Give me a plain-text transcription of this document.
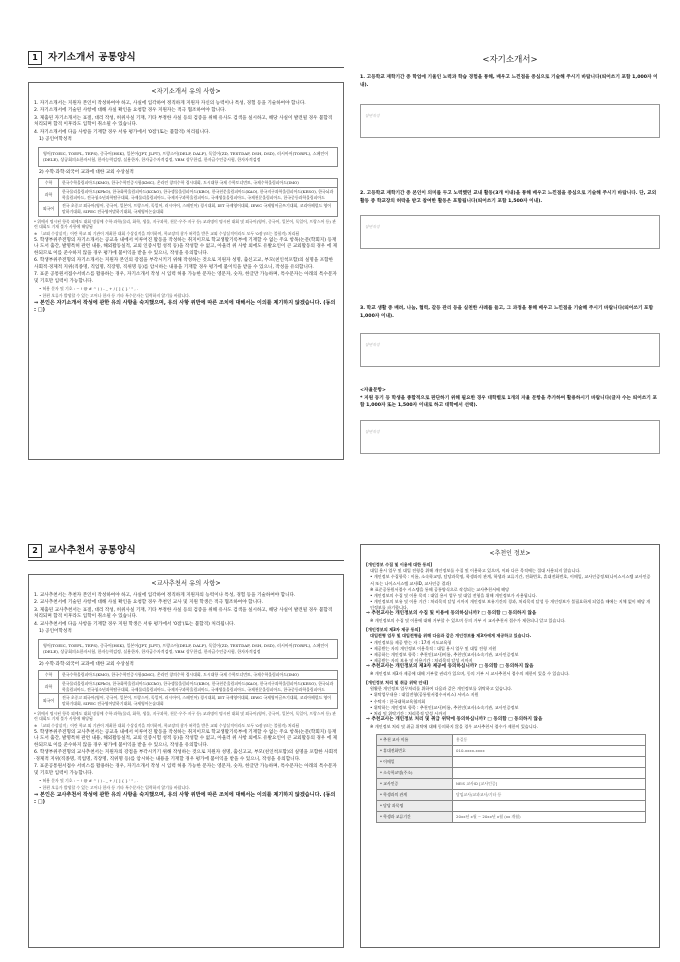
1	자기소개서 공통양식
<자기소개서 유의 사항>

1. 자기소개서는 지원자 본인이 작성하여야 하고, 사실에 입각하여 정직하게 지원자 자신의 능력이나 특성, 경험 등을 기술하여야 합니다.

2. 자기소개서에 기술된 사항에 대해 사실 확인을 요청할 경우 지원자는 적극 협조하여야 합니다.

3. 제출된 자기소개서는 표절, 대리 작성, 허위사실 기재, 기타 부정한 사실 등의 검증을 위해 유사도 검색을 실시하고, 해당 사실이 발견될 경우 불합격 처리되며 합격 이후라도 입학이 취소될 수 있습니다.

4. 자기소개서에 다음 사항을 기재할 경우 서류 평가에서 '0점'(또는 불합격) 처리됩니다.

1) 공인어학성적

영어(TOEIC, TOEFL, TEPS), 중국어(HSK), 일본어(JPT, JLPT), 프랑스어(DELF, DALF), 독일어(ZD, TESTDAF, DSH, DSD), 러시아어(TORFL), 스페인어(DELE), 상공회의소한자시험, 한자능력검정, 실용한자, 한자급수자격검정, YBM 상무한검, 한자급수인증시험, 한자자격검정

2) 수학·과학·외국어 교과에 대한 교외 수상실적

수학	한국수학올림피아드(KMO), 한국수학인증시험(KMC), 온라인 창의수학 경시대회, 도시대항 국제 수학토너먼트, 국제수학올림피아드(IMO)
과학	한국물리올림피아드(KPhO), 한국화학올림피아드(KChO), 한국생물올림피아드(KBO), 한국천문올림피아드(KAO), 한국지구과학올림피아드(KESO), 한국뇌과학올림피아드, 전국청소년과학탐구대회, 국제물리올림피아드, 국제지구과학올림피아드, 국제생물올림피아드, 국제천문올림피아드, 한국중등과학올림피아드
외국어	전국 초중고 외국어(영어, 중국어, 일본어, 프랑스어, 독일어, 러시아어, 스페인어) 경시대회, IET 국제영어대회, IEWC 국제영어글쓰기대회, 코리아헤럴드 영어말하기대회, SIFEC 전국영어말하기대회, 국제영어논술대회

* 위에서 명시된 항목 외에도 대회 명칭에 수학·과학(물리, 화학, 생물, 지구과학, 천문·우주·지구 등) 교과명이 명시된 대회 및 외국어(영어, 중국어, 일본어, 독일어, 프랑스어 등) 관련 대회도 기재 불가 사항에 해당됨

※ 「교외 수상실적」이란 학교 외 기관이 개최한 대회 수상실적을 의미하며, 학교장의 참가 허락을 받은 교외 수상실적이라도 모두 '0점'(또는 불합격) 처리됨

5. 학생부위주전형의 자기소개서는 공교육 내에서 이루어진 활동을 작성하는 취지이므로 학교생활기록부에 기재할 수 없는 주요 항목(논문(학회지) 등재나 도서 출간, 발명특허 관련 내용, 해외활동실적, 교외 인증시험 성적 등)을 작성할 수 없고, 아울러 위 사항 외에도 유발요인이 큰 교외활동의 경우 에 제한되므로 이를 준수하지 않을 경우 평가에 불이익을 받을 수 있으니, 작성을 유의합니다.

6. 학생부위주전형의 자기소개서는 지원자 본인의 강점을 부각시키기 위해 작성하는 것으로 지원자 성명, 출신고교, 부모(친인척포함)의 실명을 포함한 사회적·경제적 지위(직종명, 직업명, 직장명, 직위명 등)를 암시하는 내용을 기재할 경우 평가에 불이익을 받을 수 있으니, 작성을 유의합니다.

7. 표준 공통원서접수서비스를 활용하는 경우, 자기소개서 작성 시 입력 허용 가능한 문자는 영문자, 숫자, 한글만 가능하며, 특수문자는 아래의 특수문자 및 기호만 입력이 가능합니다.

• 허용 문자 및 기호 : ~ ! @ # ^ ( ) - _ + / [ ] { } ' " , .

• 한편 오류가 발생할 수 있는 고어나 한자 등 기타 특수문자는 입력하지 않기를 바랍니다.

⇒ 본인은 자기소개서 작성에 관한 유의 사항을 숙지했으며, 유의 사항 위반에 따른 조치에 대해서는 이의를 제기하지 않겠습니다. (동의 : □)

<자기소개서>
1. 고등학교 재학기간 중 학업에 기울인 노력과 학습 경험을 통해, 배우고 느낀점을 중심으로 기술해 주시기 바랍니다(띄어쓰기 포함 1,000자 이내).
답변작성
2. 고등학교 재학기간 중 본인이 의미를 두고 노력했던 교내 활동(3개 이내)을 통해 배우고 느낀점을 중심으로 기술해 주시기 바랍니다. 단, 교외 활동 중 학교장의 허락을 받고 참여한 활동은 포함됩니다(띄어쓰기 포함 1,500자 이내).
답변작성
3. 학교 생활 중 배려, 나눔, 협력, 갈등 관리 등을 실천한 사례를 들고, 그 과정을 통해 배우고 느낀점을 기술해 주시기 바랍니다(띄어쓰기 포함 1,000자 이내).
답변작성
<자율문항>
* 지원 동기 등 학생을 종합적으로 판단하기 위해 필요한 경우 대학별로 1개의 자율 문항을 추가하여 활용하시기 바랍니다(글자 수는 띄어쓰기 포함 1,000자 또는 1,500자 이내로 하고 대학에서 선택).
답변작성
2	교사추천서 공통양식
<교사추천서 유의 사항>

1. 교사추천서는 추천자 본인이 작성하여야 하고, 사실에 입각하여 정직하게 지원자의 능력이나 특성, 경험 등을 기술하여야 합니다.

2. 교사추천서에 기술된 사항에 대해 사실 확인을 요청할 경우 추천인 교사 및 지원 학생은 적극 협조하여야 합니다.

3. 제출된 교사추천서는 표절, 대리 작성, 허위사실 기재, 기타 부정한 사실 등의 검증을 위해 유사도 검색을 실시하고, 해당 사실이 발견될 경우 불합격 처리되며 합격 이후라도 입학이 취소될 수 있습니다.

4. 교사추천서에 다음 사항을 기재할 경우 지원 학생은 서류 평가에서 '0점'(또는 불합격) 처리됩니다.

1) 공인어학성적

영어(TOEIC, TOEFL, TEPS), 중국어(HSK), 일본어(JPT, JLPT), 프랑스어(DELF, DALF), 독일어(ZD, TESTDAF, DSH, DSD), 러시아어(TORFL), 스페인어(DELE), 상공회의소한자시험, 한자능력검정, 실용한자, 한자급수자격검정, YBM 상무한검, 한자급수인증시험, 한자자격검정

2) 수학·과학·외국어 교과에 대한 교외 수상실적

수학	한국수학올림피아드(KMO), 한국수학인증시험(KMC), 온라인 창의수학 경시대회, 도시대항 국제 수학토너먼트, 국제수학올림피아드(IMO)
과학	한국물리올림피아드(KPhO), 한국화학올림피아드(KChO), 한국생물올림피아드(KBO), 한국천문올림피아드(KAO), 한국지구과학올림피아드(KESO), 한국뇌과학올림피아드, 전국청소년과학탐구대회, 국제물리올림피아드, 국제지구과학올림피아드, 국제생물올림피아드, 국제천문올림피아드, 한국중등과학올림피아드
외국어	전국 초중고 외국어(영어, 중국어, 일본어, 프랑스어, 독일어, 러시아어, 스페인어) 경시대회, IET 국제영어대회, IEWC 국제영어글쓰기대회, 코리아헤럴드 영어말하기대회, SIFEC 전국영어말하기대회, 국제영어논술대회

* 위에서 명시된 항목 외에도 대회 명칭에 수학·과학(물리, 화학, 생물, 지구과학, 천문·우주·지구 등) 교과명이 명시된 대회 및 외국어(영어, 중국어, 일본어, 독일어, 프랑스어 등) 관련 대회도 기재 불가 사항에 해당됨

※ 「교외 수상실적」이란 학교 외 기관이 개최한 대회 수상실적을 의미하며, 학교장의 참가 허락을 받은 교외 수상실적이라도 모두 '0점'(또는 불합격) 처리됨

5. 학생부위주전형의 교사추천서는 공교육 내에서 이루어진 활동을 작성하는 취지이므로 학교생활기록부에 기재할 수 없는 주요 항목(논문(학회지) 등재나 도서 출간, 발명특허 관련 내용, 해외활동실적, 교외 인증시험 성적 등)을 작성할 수 없고, 아울러 위 사항 외에도 유발요인이 큰 교외활동의 경우 에 제한되므로 이를 준수하지 않을 경우 평가에 불이익을 받을 수 있으니, 작성을 유의합니다.

6. 학생부위주전형의 교사추천서는 지원자의 강점을 부각시키기 위해 작성하는 것으로 지원자 성명, 출신고교, 부모(친인척포함)의 실명을 포함한 사회적·경제적 지위(직종명, 직업명, 직장명, 직위명 등)를 암시하는 내용을 기재할 경우 평가에 불이익을 받을 수 있으니, 작성을 유의합니다.

7. 표준공통원서접수 서비스를 활용하는 경우, 자기소개서 작성 시 입력 허용 가능한 문자는 영문자, 숫자, 한글만 가능하며, 특수문자는 아래의 특수문자 및 기호만 입력이 가능합니다.

• 허용 문자 및 기호 : ~ ! @ # ^ ( ) - _ + / [ ] { } ' " , .

• 한편 오류가 발생할 수 있는 고어나 한자 등 기타 특수문자는 입력하지 않기를 바랍니다.

⇒ 본인은 교사추천서 작성에 관한 유의 사항을 숙지했으며, 유의 사항 위반에 따른 조치에 대해서는 이의를 제기하지 않겠습니다. (동의 : □)

<추천인 정보>

[개인정보 수집 및 이용에 대한 동의]

대입 용시 업무 및 대입 전형을 위해 개인정보를 수집 및 이용하고 있으며, 이와 다른 목적에는 절대 사용되지 않습니다.

• 개인정보 수집항목 : 이름, 소속학교명, 담당과목명, 학생과의 관계, 학생과 교류기간, 전화번호, 휴대전화번호, 이메일, 교사인증정보(나이스시스템 교사인증서 또는 나이스시스템 교사ID, 교사인증 결과)

※ 표준공통원서접수 시스템을 통해 공통양식으로 작성되는 교사추천서에 해당

• 개인정보의 수집 및 이용 목적 : 대입 용시 업무 및 대입 전형을 위해 개인정보가 사용됩니다.

• 개인정보의 보유 및 이용 기간 : 처리목적 달성 시까지 개인정보 보유기간의 경과, 처리목적 달성 등 개인정보가 불필요하게 되었을 때에는 지체 없이 해당 개인정보를 파기합니다.

⇒ 추천교사는 개인정보의 수집 및 이용에 동의하십니까? □ 동의함 □ 동의하지 않음

※ 개인정보의 수집 및 이용에 대해 거부할 수 있으며 동의 거부 시 교사추천서 접수가 제한되니 알고 있습니다.

[개인정보의 제3자 제공 동의]

대입전형 업무 및 대입전형을 위해 다음과 같은 개인정보를 제3자에게 제공하고 있습니다.

• 개인정보를 제공 받는 자 : 17개 시도교육청

• 제공받는 자의 개인정보 이용목적 : 대입 용시 업무 및 대입 전형 지원

• 제공하는 개인정보 항목 : 추천인(교사)이름, 추천인(교사)소속기관, 교사인증정보

• 제공받는 자의 보유 및 이용기간 : 처리목적 달성 시까지

⇒ 추천교사는 개인정보의 제3자 제공에 동의하십니까? □ 동의함 □ 동의하지 않음

※ 개인정보 제3자 제공에 대해 거부할 권리가 있으며, 동의 거부 시 교사추천서 접수의 제한이 있을 수 있습니다.

[개인정보 처리 및 취급 위탁 안내]

원활한 개인정보 업무처리를 위하여 다음과 같은 개인정보를 위탁하고 있습니다.

• 위탁업무내용 : 대입전형(공통원서접수서비스) 서비스 지원

• 수탁자 : 한국대학교육협의회

• 위탁하는 개인정보 항목 : 추천인(교사)이름, 추천인(교사)소속기관, 교사인증정보

• 처리 및 위탁기간 : 처리목적 달성 시까지

⇒ 추천교사는 개인정보 처리 및 취급 위탁에 동의하십니까? □ 동의함 □ 동의하지 않음

※ 개인정보 처리 및 취급 위탁에 대해 동의하지 않을 경우 교사추천서 접수가 제한이 있습니다.

* 추천 교사 이름	홍길동
* 휴대전화번호	010-xxxx-xxxx
* 이메일	
* 소속학교명(주소)	
* 교사인증	NEIS 교사ID [교사인증]
* 학생과의 관계	담임교사/교과교사/기타 등
* 담당 과목명	
* 학생과 교류기간	20xx년 x월 ~ 20xx년 x월 (xx 개월)
